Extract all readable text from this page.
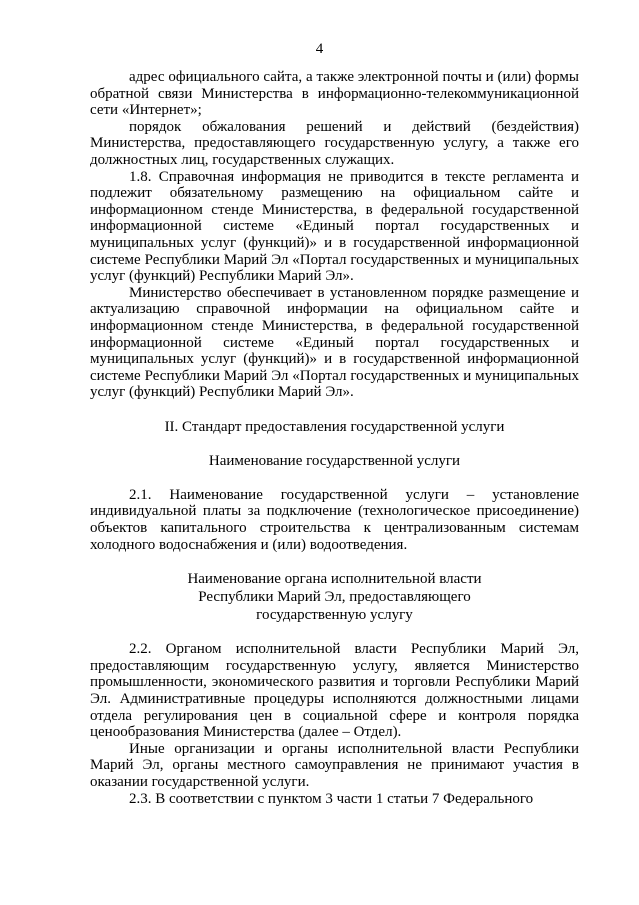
4

адрес официального сайта, а также электронной почты и (или) формы обратной связи Министерства в информационно-телекоммуникационной сети «Интернет»;

порядок обжалования решений и действий (бездействия) Министерства, предоставляющего государственную услугу, а также его должностных лиц, государственных служащих.

1.8. Справочная информация не приводится в тексте регламента и подлежит обязательному размещению на официальном сайте и информационном стенде Министерства, в федеральной государственной информационной системе «Единый портал государственных и муниципальных услуг (функций)» и в государственной информационной системе Республики Марий Эл «Портал государственных и муниципальных услуг (функций) Республики Марий Эл».

Министерство обеспечивает в установленном порядке размещение и актуализацию справочной информации на официальном сайте и информационном стенде Министерства, в федеральной государственной информационной системе «Единый портал государственных и муниципальных услуг (функций)» и в государственной информационной системе Республики Марий Эл «Портал государственных и муниципальных услуг (функций) Республики Марий Эл».

II. Стандарт предоставления государственной услуги

Наименование государственной услуги

2.1. Наименование государственной услуги – установление индивидуальной платы за подключение (технологическое присоединение) объектов капитального строительства к централизованным системам холодного водоснабжения и (или) водоотведения.

Наименование органа исполнительной власти

Республики Марий Эл, предоставляющего

государственную услугу

2.2. Органом исполнительной власти Республики Марий Эл, предоставляющим государственную услугу, является Министерство промышленности, экономического развития и торговли Республики Марий Эл. Административные процедуры исполняются должностными лицами отдела регулирования цен в социальной сфере и контроля порядка ценообразования Министерства (далее – Отдел).

Иные организации и органы исполнительной власти Республики Марий Эл, органы местного самоуправления не принимают участия в оказании государственной услуги.

2.3. В соответствии с пунктом 3 части 1 статьи 7 Федерального
